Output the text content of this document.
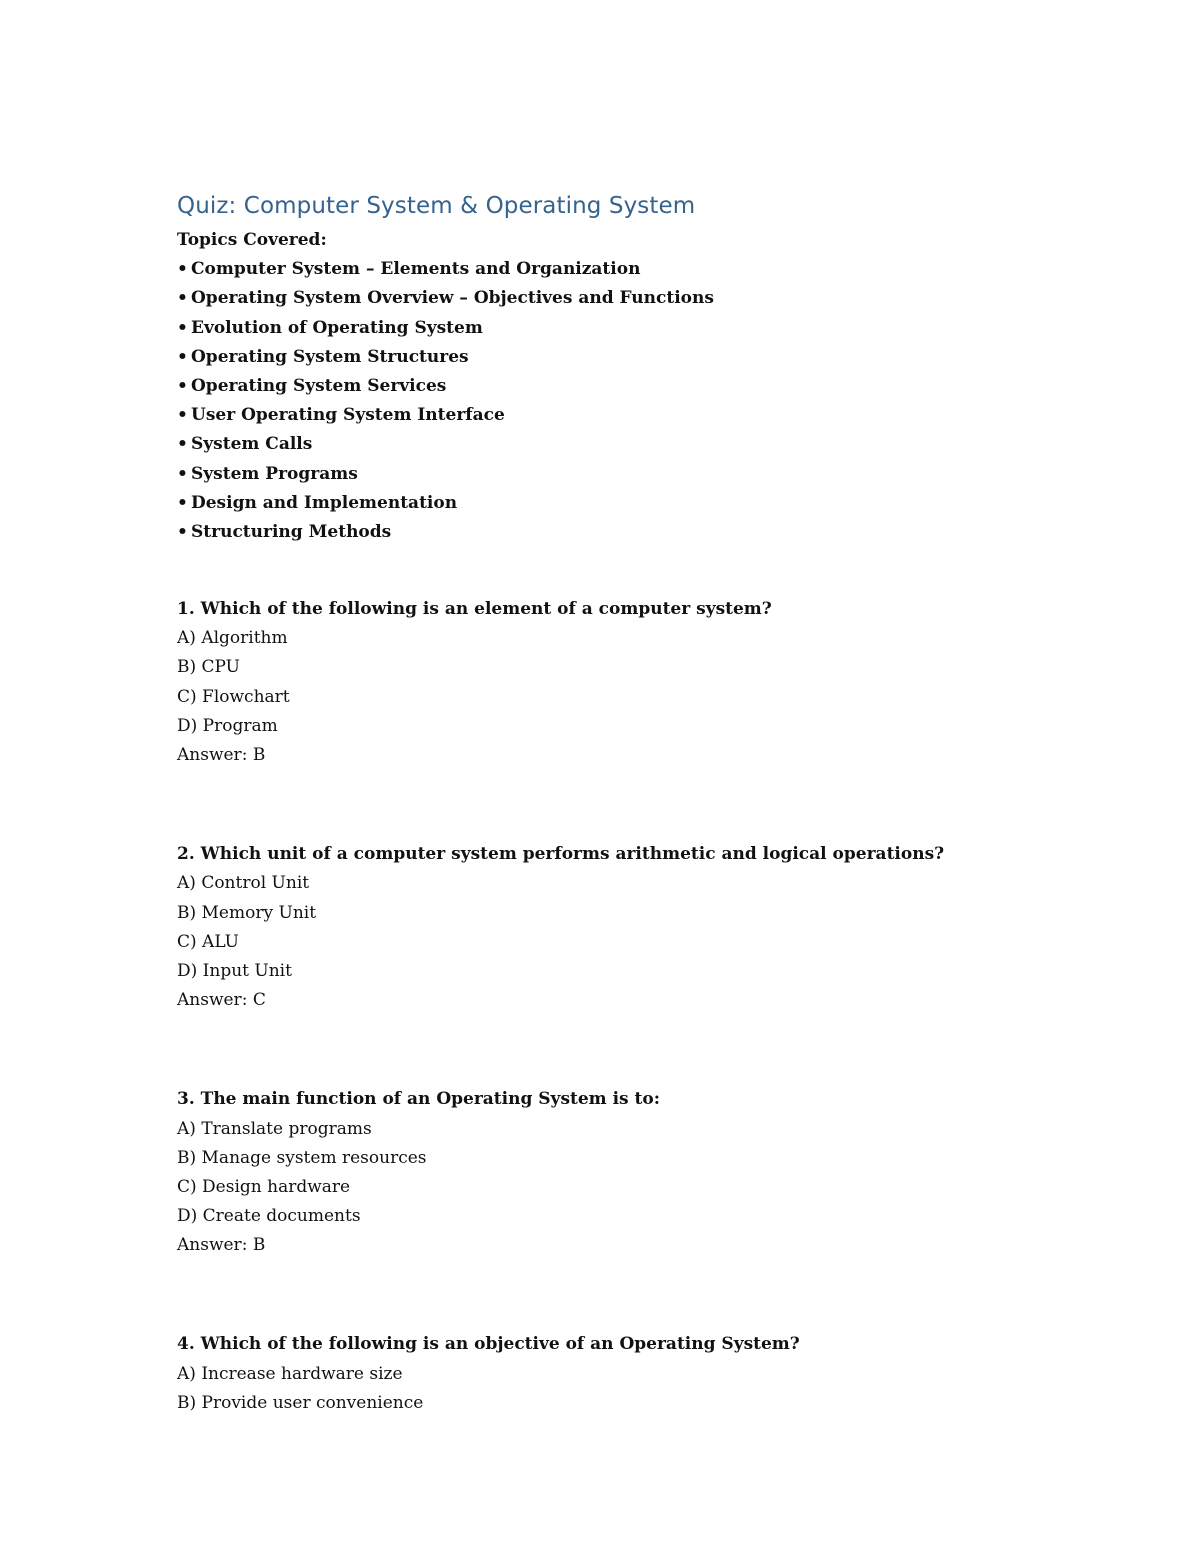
Quiz: Computer System & Operating System
Topics Covered:
• Computer System – Elements and Organization
• Operating System Overview – Objectives and Functions
• Evolution of Operating System
• Operating System Structures
• Operating System Services
• User Operating System Interface
• System Calls
• System Programs
• Design and Implementation
• Structuring Methods
1. Which of the following is an element of a computer system?
A) Algorithm
B) CPU
C) Flowchart
D) Program
Answer: B
2. Which unit of a computer system performs arithmetic and logical operations?
A) Control Unit
B) Memory Unit
C) ALU
D) Input Unit
Answer: C
3. The main function of an Operating System is to:
A) Translate programs
B) Manage system resources
C) Design hardware
D) Create documents
Answer: B
4. Which of the following is an objective of an Operating System?
A) Increase hardware size
B) Provide user convenience
